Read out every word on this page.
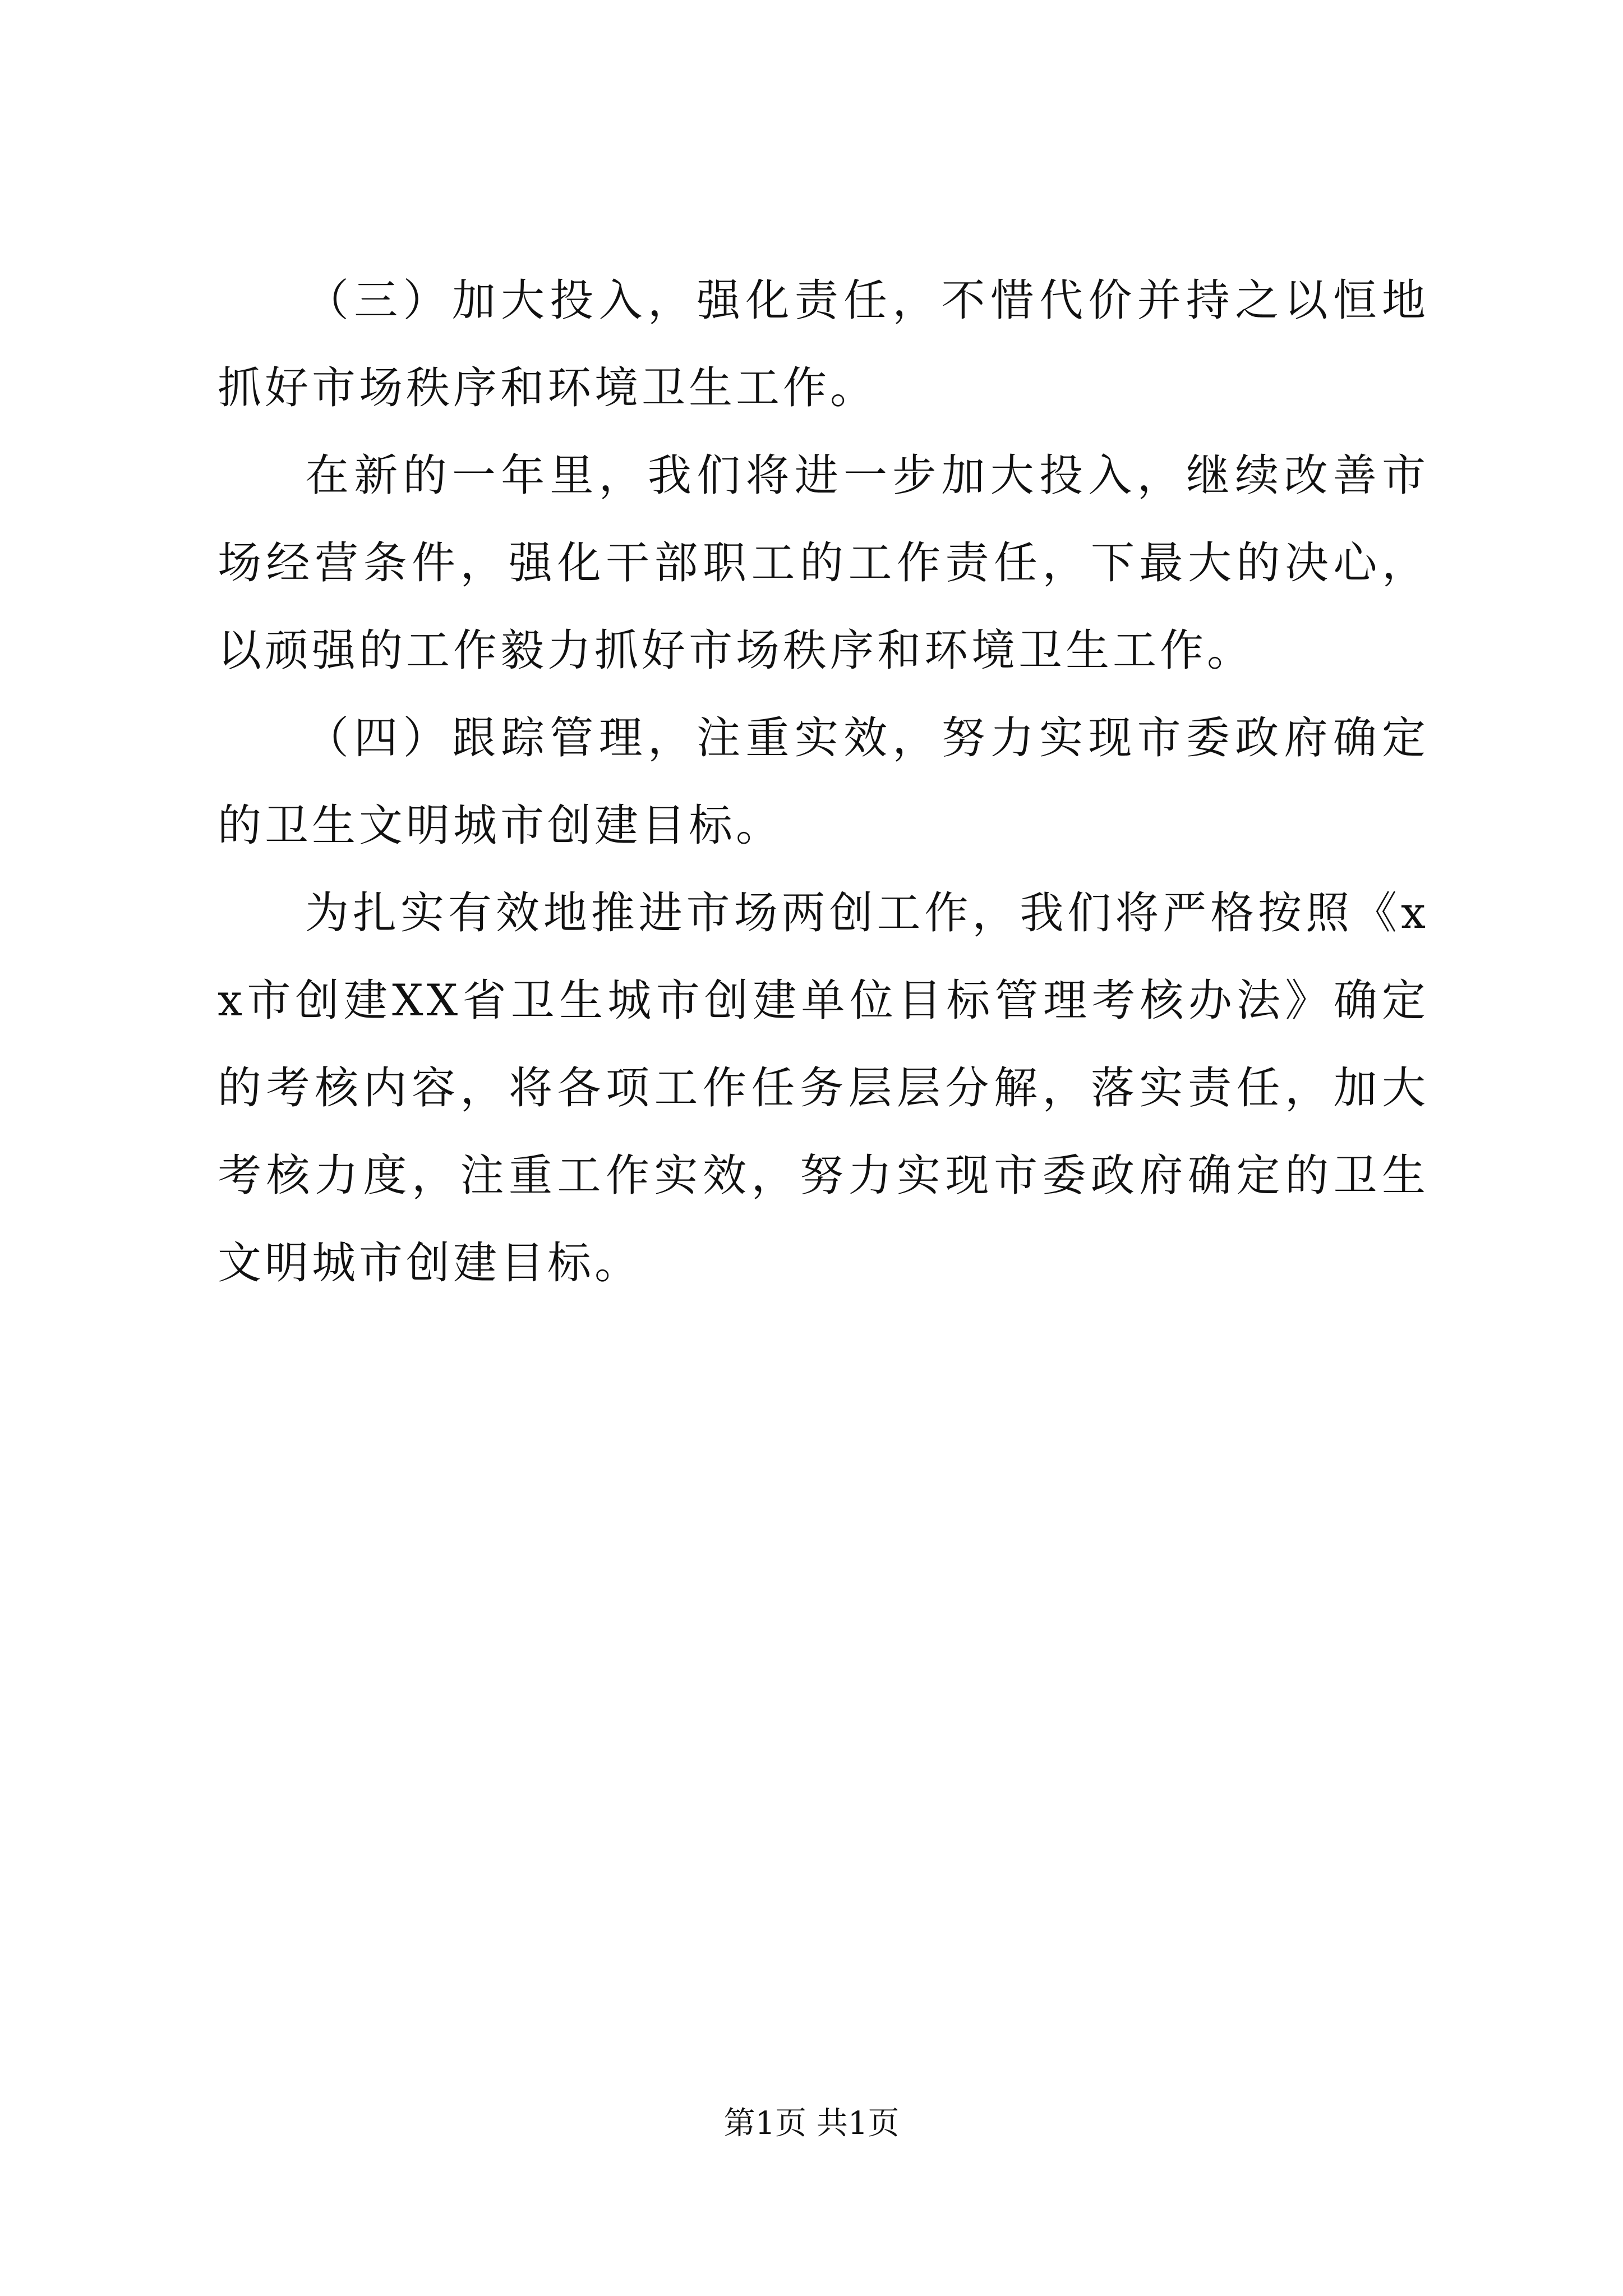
（三）加大投入，强化责任，不惜代价并持之以恒地抓好市场秩序和环境卫生工作。

在新的一年里，我们将进一步加大投入，继续改善市场经营条件，强化干部职工的工作责任，下最大的决心，以顽强的工作毅力抓好市场秩序和环境卫生工作。

（四）跟踪管理，注重实效，努力实现市委政府确定的卫生文明城市创建目标。

为扎实有效地推进市场两创工作，我们将严格按照《xx市创建XX省卫生城市创建单位目标管理考核办法》确定的考核内容，将各项工作任务层层分解，落实责任，加大考核力度，注重工作实效，努力实现市委政府确定的卫生文明城市创建目标。

第1页 共1页
